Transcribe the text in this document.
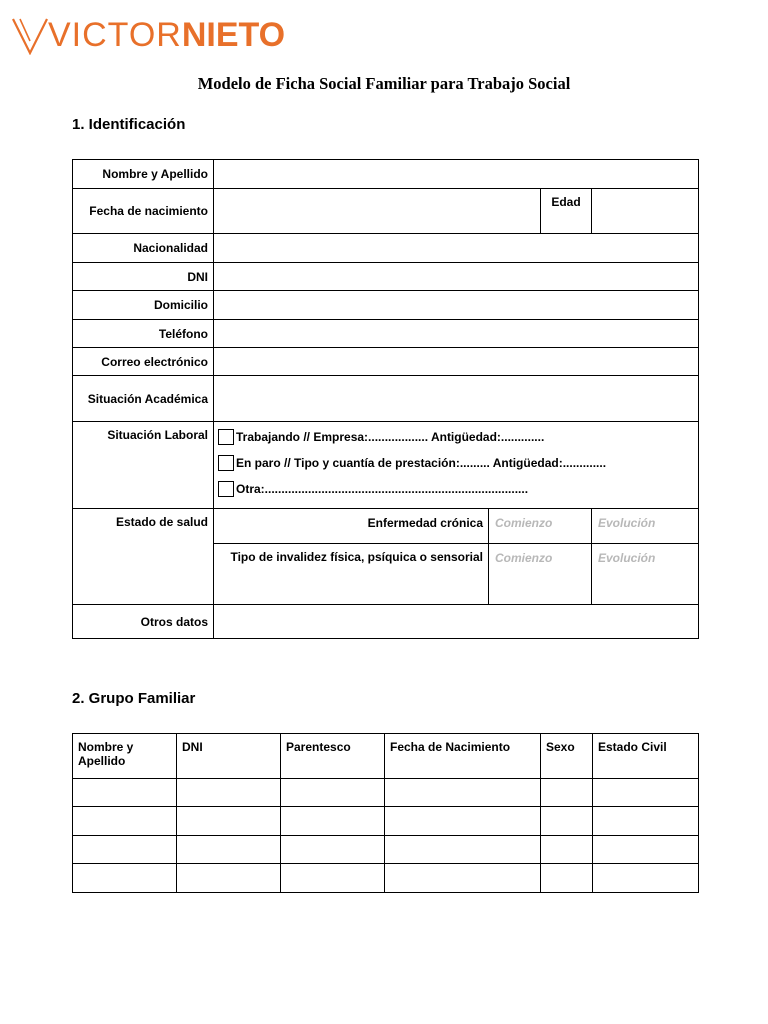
VICTOR NIETO
Modelo de Ficha Social Familiar para Trabajo Social
1. Identificación
Nombre y Apellido				
Fecha de nacimiento			Edad	
Nacionalidad				
DNI				
Domicilio				
Teléfono				
Correo electrónico				
Situación Académica				
Situación Laboral	Trabajando // Empresa:.................. Antigüedad:.............
En paro // Tipo y cuantía de prestación:......... Antigüedad:.............
Otra:...............................................................................			

Estado de salud	Enfermedad crónica	Comienzo		Evolución
	Tipo de invalidez física, psíquica o sensorial	Comienzo		Evolución
Otros datos				
2. Grupo Familiar
Nombre y Apellido	DNI	Parentesco	Fecha de Nacimiento	Sexo	Estado Civil
